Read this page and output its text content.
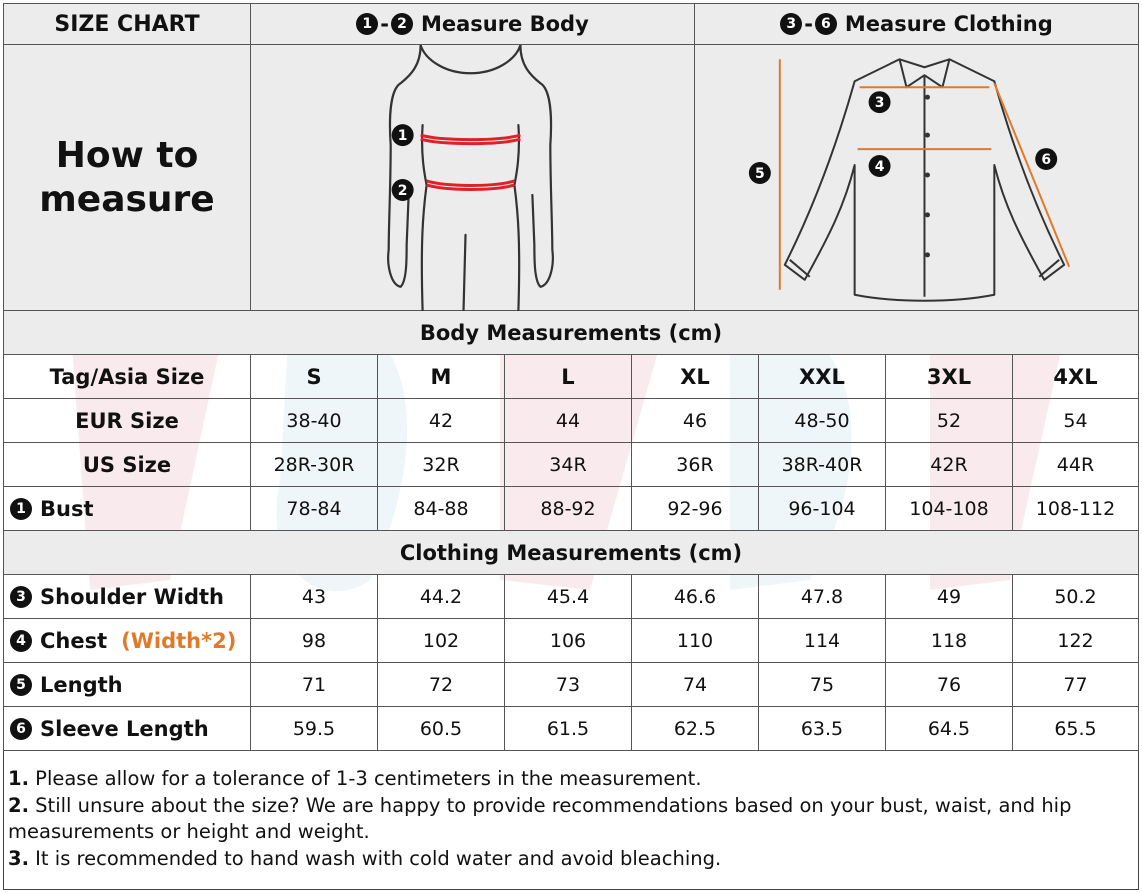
SIZE CHART	1 - 2 Measure Body	3 - 6 Measure Clothing
How to
measure
1
2
3
4
5
6
Body Measurements (cm)
Tag/Asia Size	S	M	L	XL	XXL	3XL	4XL
EUR Size	38-40	42	44	46	48-50	52	54
US Size	28R-30R	32R	34R	36R	38R-40R	42R	44R
1 Bust	78-84	84-88	88-92	92-96	96-104	104-108	108-112
Clothing Measurements (cm)
3 Shoulder Width	43	44.2	45.4	46.6	47.8	49	50.2
4 Chest (Width*2)	98	102	106	110	114	118	122
5 Length	71	72	73	74	75	76	77
6 Sleeve Length	59.5	60.5	61.5	62.5	63.5	64.5	65.5
1. Please allow for a tolerance of 1-3 centimeters in the measurement.
2. Still unsure about the size? We are happy to provide recommendations based on your bust, waist, and hip measurements or height and weight.
3. It is recommended to hand wash with cold water and avoid bleaching.
